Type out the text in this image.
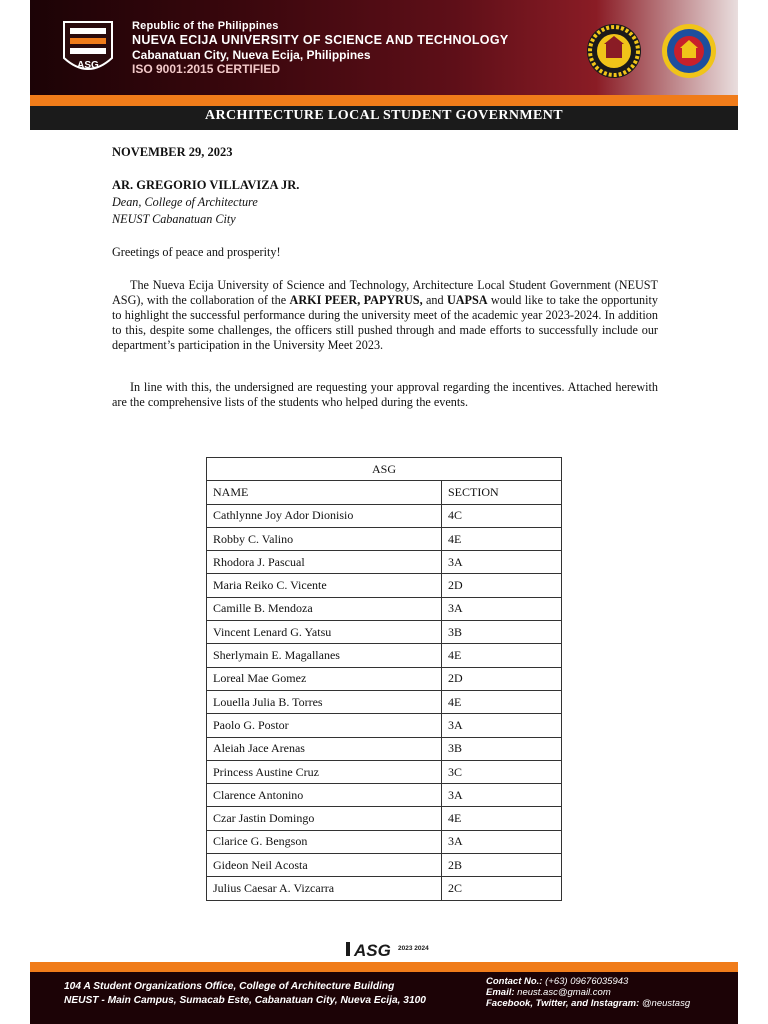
ASG
Republic of the Philippines
NUEVA ECIJA UNIVERSITY OF SCIENCE AND TECHNOLOGY
Cabanatuan City, Nueva Ecija, Philippines
ISO 9001:2015 CERTIFIED
ARCHITECTURE LOCAL STUDENT GOVERNMENT
NOVEMBER 29, 2023
AR. GREGORIO VILLAVIZA JR.
Dean, College of Architecture
NEUST Cabanatuan City
Greetings of peace and prosperity!
The Nueva Ecija University of Science and Technology, Architecture Local Student Government (NEUST ASG), with the collaboration of the ARKI PEER, PAPYRUS, and UAPSA would like to take the opportunity to highlight the successful performance during the university meet of the academic year 2023-2024. In addition to this, despite some challenges, the officers still pushed through and made efforts to successfully include our department’s participation in the University Meet 2023.
In line with this, the undersigned are requesting your approval regarding the incentives. Attached herewith are the comprehensive lists of the students who helped during the events.
ASG	
NAME	SECTION
Cathlynne Joy Ador Dionisio	4C
Robby C. Valino	4E
Rhodora J. Pascual	3A
Maria Reiko C. Vicente	2D
Camille B. Mendoza	3A
Vincent Lenard G. Yatsu	3B
Sherlymain E. Magallanes	4E
Loreal Mae Gomez	2D
Louella Julia B. Torres	4E
Paolo G. Postor	3A
Aleiah Jace Arenas	3B
Princess Austine Cruz	3C
Clarence Antonino	3A
Czar Jastin Domingo	4E
Clarice G. Bengson	3A
Gideon Neil Acosta	2B
Julius Caesar A. Vizcarra	2C
ASG 2023 2024
104 A Student Organizations Office, College of Architecture Building
NEUST - Main Campus, Sumacab Este, Cabanatuan City, Nueva Ecija, 3100
Contact No.: (+63) 09676035943
Email: neust.asc@gmail.com
Facebook, Twitter, and Instagram: @neustasg
